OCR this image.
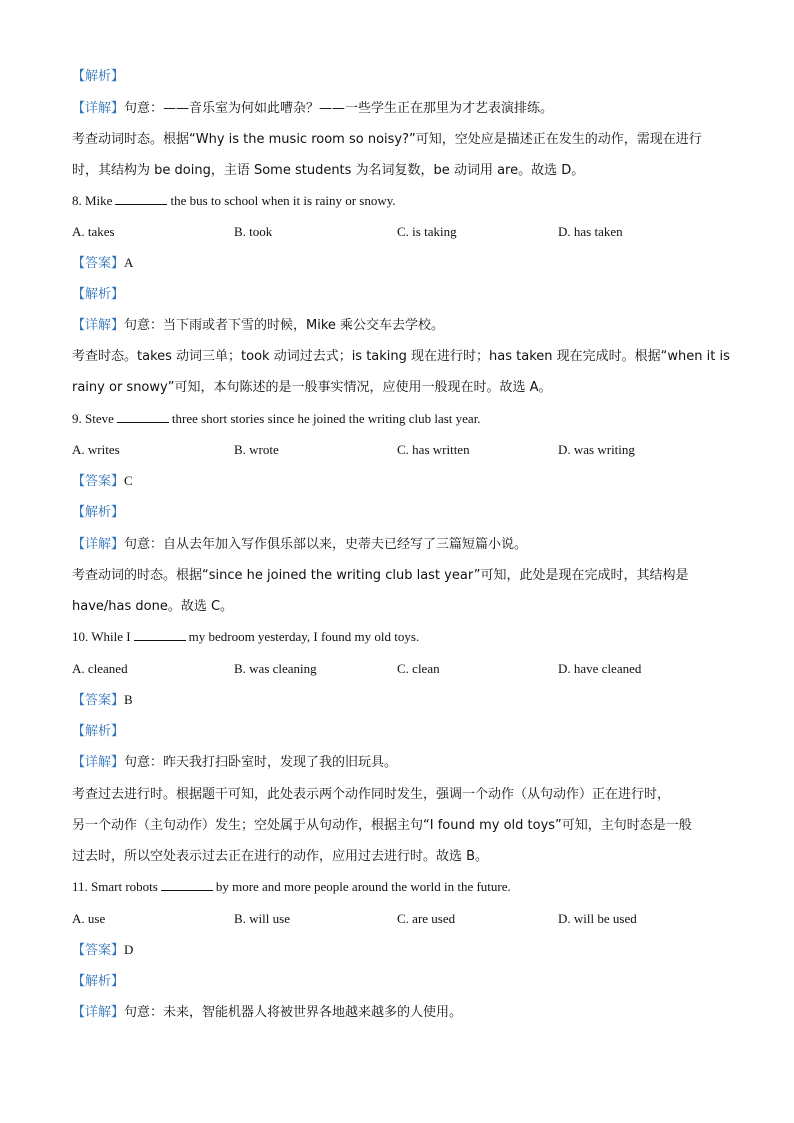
【解析】
【详解】句意：——音乐室为何如此嘈杂？——一些学生正在那里为才艺表演排练。
考查动词时态。根据“Why is the music room so noisy?”可知，空处应是描述正在发生的动作，需现在进行
时，其结构为 be doing，主语 Some students 为名词复数，be 动词用 are。故选 D。
8. Mike	the bus to school when it is rainy or snowy.
A. takes	B. took	C. is taking	D. has taken
【答案】A
【解析】
【详解】句意：当下雨或者下雪的时候，Mike 乘公交车去学校。
考查时态。takes 动词三单；took 动词过去式；is taking 现在进行时；has taken 现在完成时。根据“when it is
rainy or snowy”可知，本句陈述的是一般事实情况，应使用一般现在时。故选 A。
9. Steve	three short stories since he joined the writing club last year.
A. writes	B. wrote	C. has written	D. was writing
【答案】C
【解析】
【详解】句意：自从去年加入写作俱乐部以来，史蒂夫已经写了三篇短篇小说。
考查动词的时态。根据“since he joined the writing club last year”可知，此处是现在完成时，其结构是
have/has done。故选 C。
10. While I	my bedroom yesterday, I found my old toys.
A. cleaned	B. was cleaning	C. clean	D. have cleaned
【答案】B
【解析】
【详解】句意：昨天我打扫卧室时，发现了我的旧玩具。
考查过去进行时。根据题干可知，此处表示两个动作同时发生，强调一个动作（从句动作）正在进行时，
另一个动作（主句动作）发生；空处属于从句动作，根据主句“I found my old toys”可知，主句时态是一般
过去时，所以空处表示过去正在进行的动作，应用过去进行时。故选 B。
11. Smart robots	by more and more people around the world in the future.
A. use	B. will use	C. are used	D. will be used
【答案】D
【解析】
【详解】句意：未来，智能机器人将被世界各地越来越多的人使用。
